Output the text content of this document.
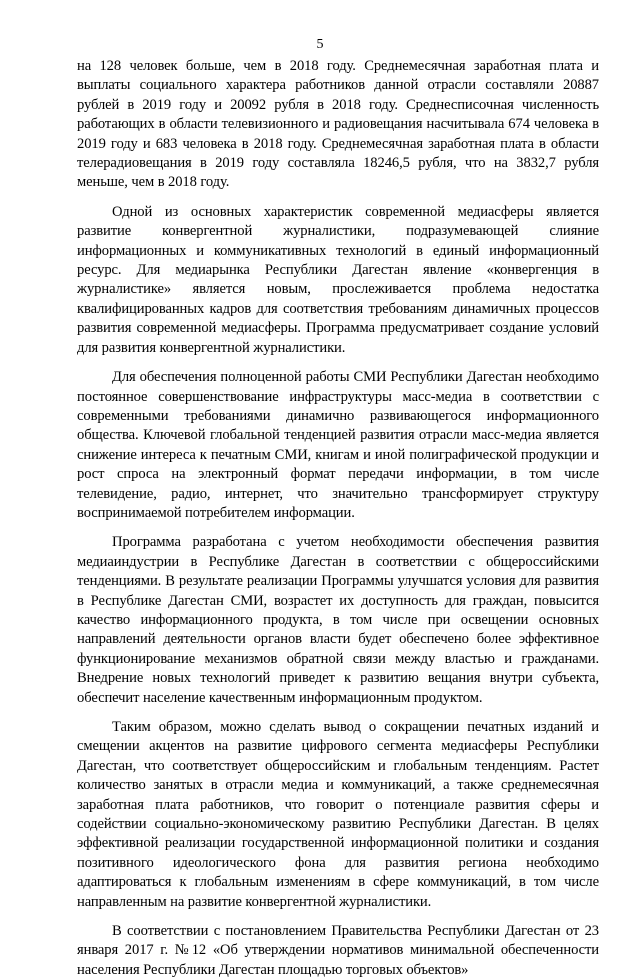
5

на 128 человек больше, чем в 2018 году. Среднемесячная заработная плата и выплаты социального характера работников данной отрасли составляли 20887 рублей в 2019 году и 20092 рубля в 2018 году. Среднесписочная численность работающих в области телевизионного и радиовещания насчитывала 674 человека в 2019 году и 683 человека в 2018 году. Среднемесячная заработная плата в области телерадиовещания в 2019 году составляла 18246,5 рубля, что на 3832,7 рубля меньше, чем в 2018 году.

Одной из основных характеристик современной медиасферы является развитие конвергентной журналистики, подразумевающей слияние информационных и коммуникативных технологий в единый информационный ресурс. Для медиарынка Республики Дагестан явление «конвергенция в журналистике» является новым, прослеживается проблема недостатка квалифицированных кадров для соответствия требованиям динамичных процессов развития современной медиасферы. Программа предусматривает создание условий для развития конвергентной журналистики.

Для обеспечения полноценной работы СМИ Республики Дагестан необходимо постоянное совершенствование инфраструктуры масс-медиа в соответствии с современными требованиями динамично развивающегося информационного общества. Ключевой глобальной тенденцией развития отрасли масс-медиа является снижение интереса к печатным СМИ, книгам и иной полиграфической продукции и рост спроса на электронный формат передачи информации, в том числе телевидение, радио, интернет, что значительно трансформирует структуру воспринимаемой потребителем информации.

Программа разработана с учетом необходимости обеспечения развития медиаиндустрии в Республике Дагестан в соответствии с общероссийскими тенденциями. В результате реализации Программы улучшатся условия для развития в Республике Дагестан СМИ, возрастет их доступность для граждан, повысится качество информационного продукта, в том числе при освещении основных направлений деятельности органов власти будет обеспечено более эффективное функционирование механизмов обратной связи между властью и гражданами. Внедрение новых технологий приведет к развитию вещания внутри субъекта, обеспечит население качественным информационным продуктом.

Таким образом, можно сделать вывод о сокращении печатных изданий и смещении акцентов на развитие цифрового сегмента медиасферы Республики Дагестан, что соответствует общероссийским и глобальным тенденциям. Растет количество занятых в отрасли медиа и коммуникаций, а также среднемесячная заработная плата работников, что говорит о потенциале развития сферы и содействии социально-экономическому развитию Республики Дагестан. В целях эффективной реализации государственной информационной политики и создания позитивного идеологического фона для развития региона необходимо адаптироваться к глобальным изменениям в сфере коммуникаций, в том числе направленным на развитие конвергентной журналистики.

В соответствии с постановлением Правительства Республики Дагестан от 23 января 2017 г. №12 «Об утверждении нормативов минимальной обеспеченности населения Республики Дагестан площадью торговых объектов»
